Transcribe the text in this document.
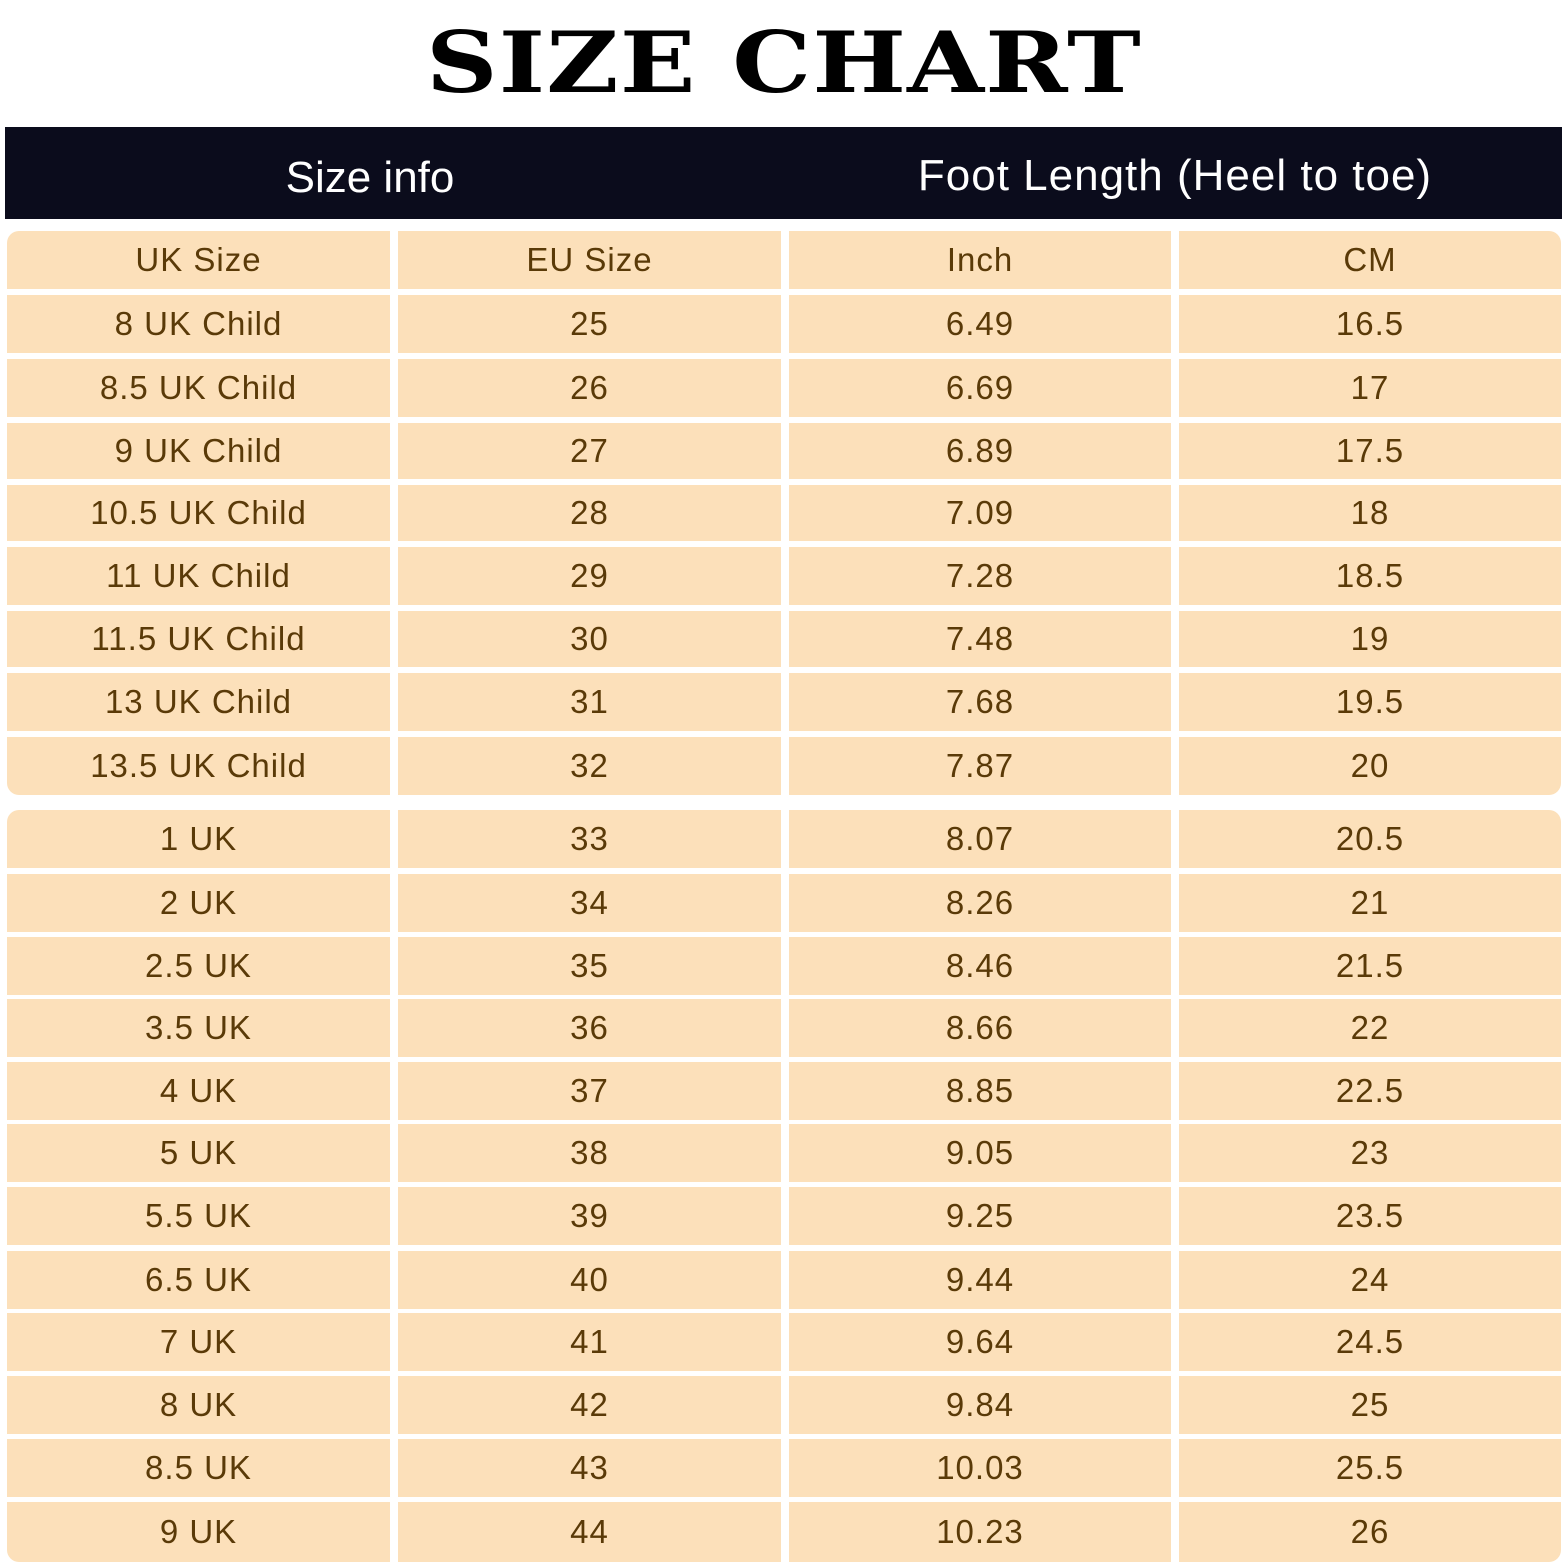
SIZE CHART
Size info	Foot Length (Heel to toe)
UK Size	EU Size	Inch	CM
8 UK Child	25	6.49	16.5
8.5 UK Child	26	6.69	17
9 UK Child	27	6.89	17.5
10.5 UK Child	28	7.09	18
11 UK Child	29	7.28	18.5
11.5 UK Child	30	7.48	19
13 UK Child	31	7.68	19.5
13.5 UK Child	32	7.87	20
1 UK	33	8.07	20.5
2 UK	34	8.26	21
2.5 UK	35	8.46	21.5
3.5 UK	36	8.66	22
4 UK	37	8.85	22.5
5 UK	38	9.05	23
5.5 UK	39	9.25	23.5
6.5 UK	40	9.44	24
7 UK	41	9.64	24.5
8 UK	42	9.84	25
8.5 UK	43	10.03	25.5
9 UK	44	10.23	26
